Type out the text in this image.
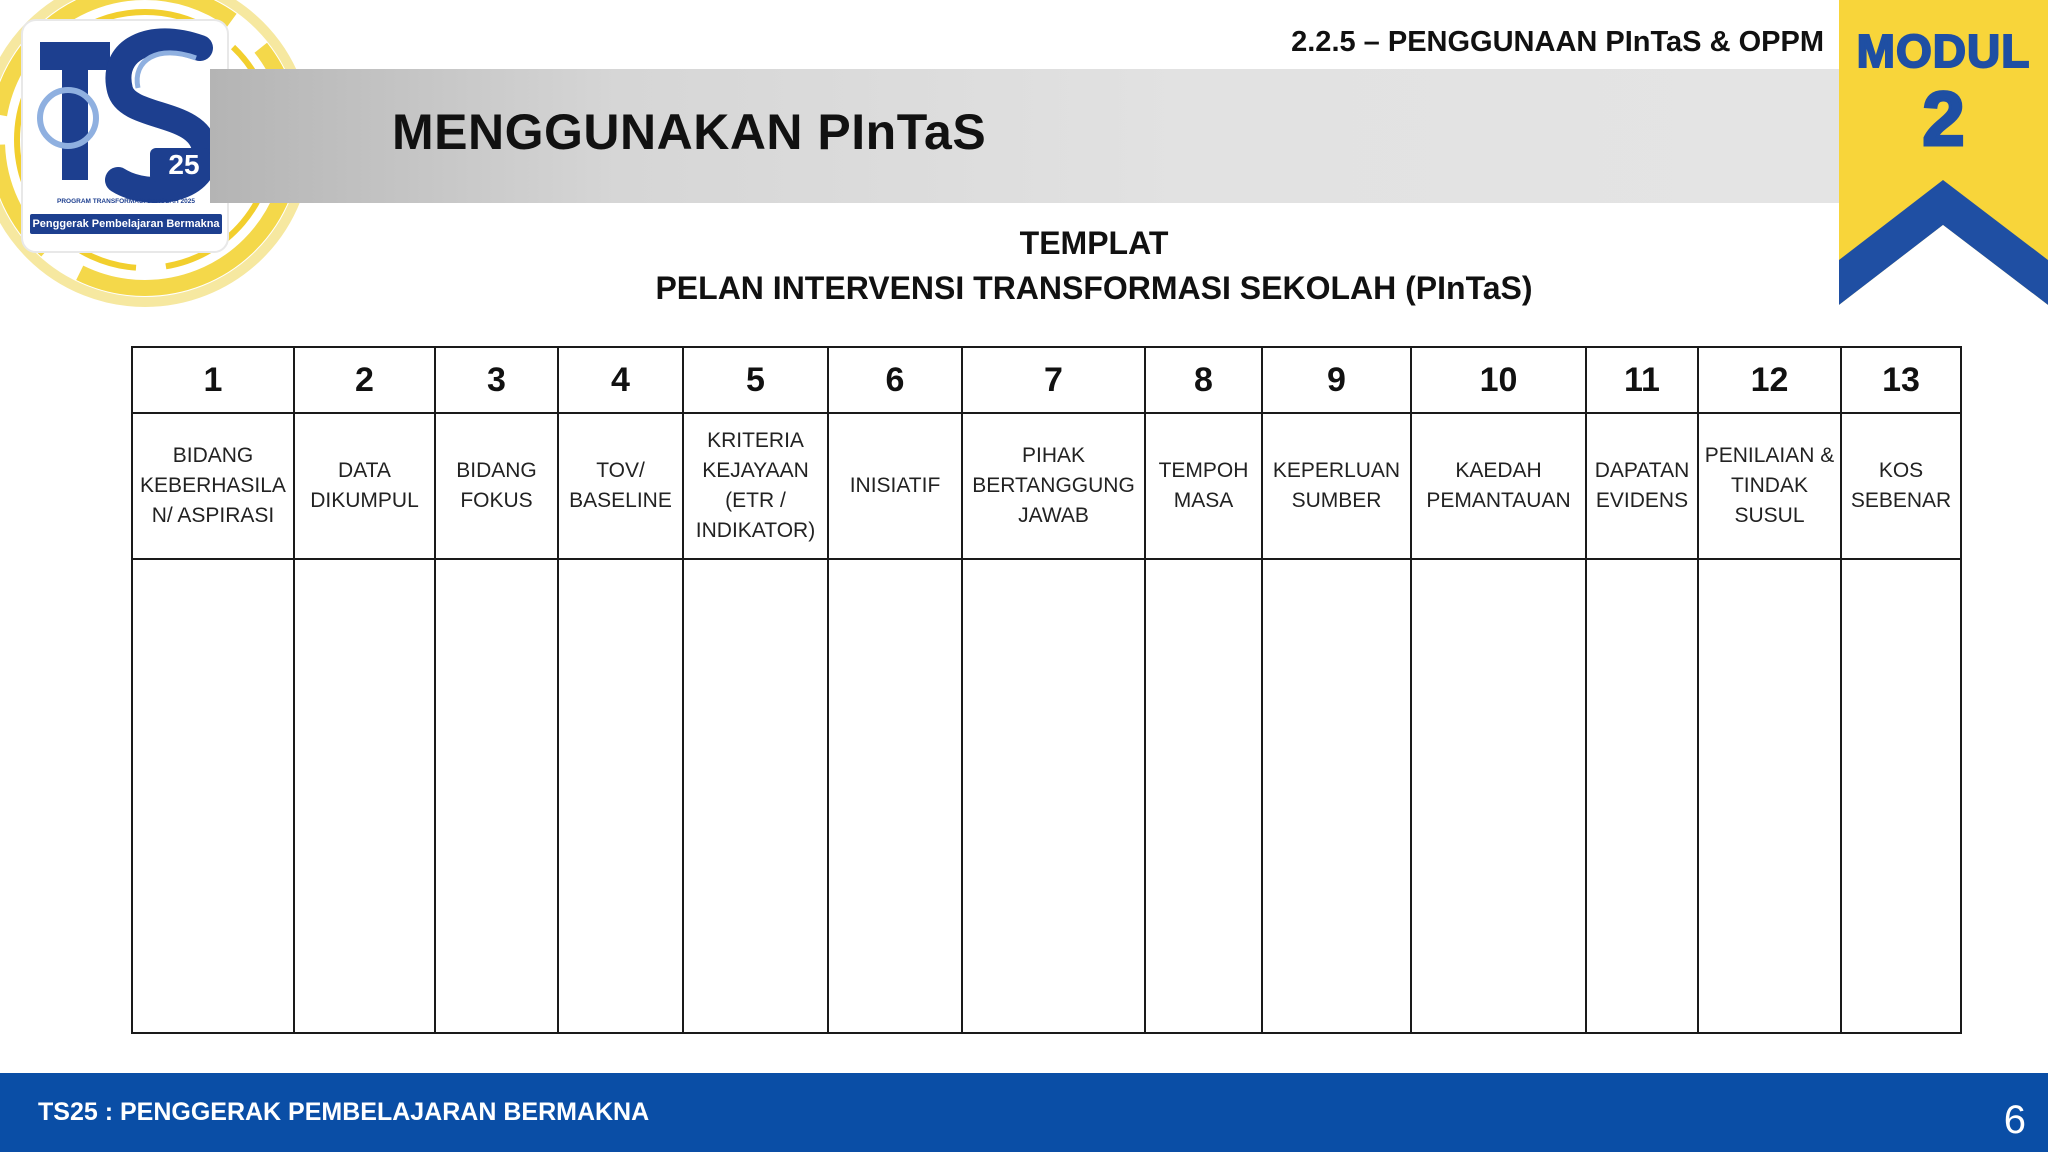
25
PROGRAM TRANSFORMASI SEKOLAH 2025
Penggerak Pembelajaran Bermakna
MENGGUNAKAN PInTaS
2.2.5 – PENGGUNAAN PInTaS & OPPM MODUL
2
TEMPLAT
PELAN INTERVENSI TRANSFORMASI SEKOLAH (PInTaS)
1	2	3	4	5	6	7	8	9	10	11	12	13
BIDANG KEBERHASILAN/ ASPIRASI	DATA DIKUMPUL	BIDANG FOKUS	TOV/ BASELINE	KRITERIA KEJAYAAN (ETR / INDIKATOR)	INISIATIF	PIHAK BERTANGGUNG JAWAB	TEMPOH MASA	KEPERLUAN SUMBER	KAEDAH PEMANTAUAN	DAPATAN EVIDENS	PENILAIAN & TINDAK SUSUL	KOS SEBENAR

TS25 : PENGGERAK PEMBELAJARAN BERMAKNA	6
